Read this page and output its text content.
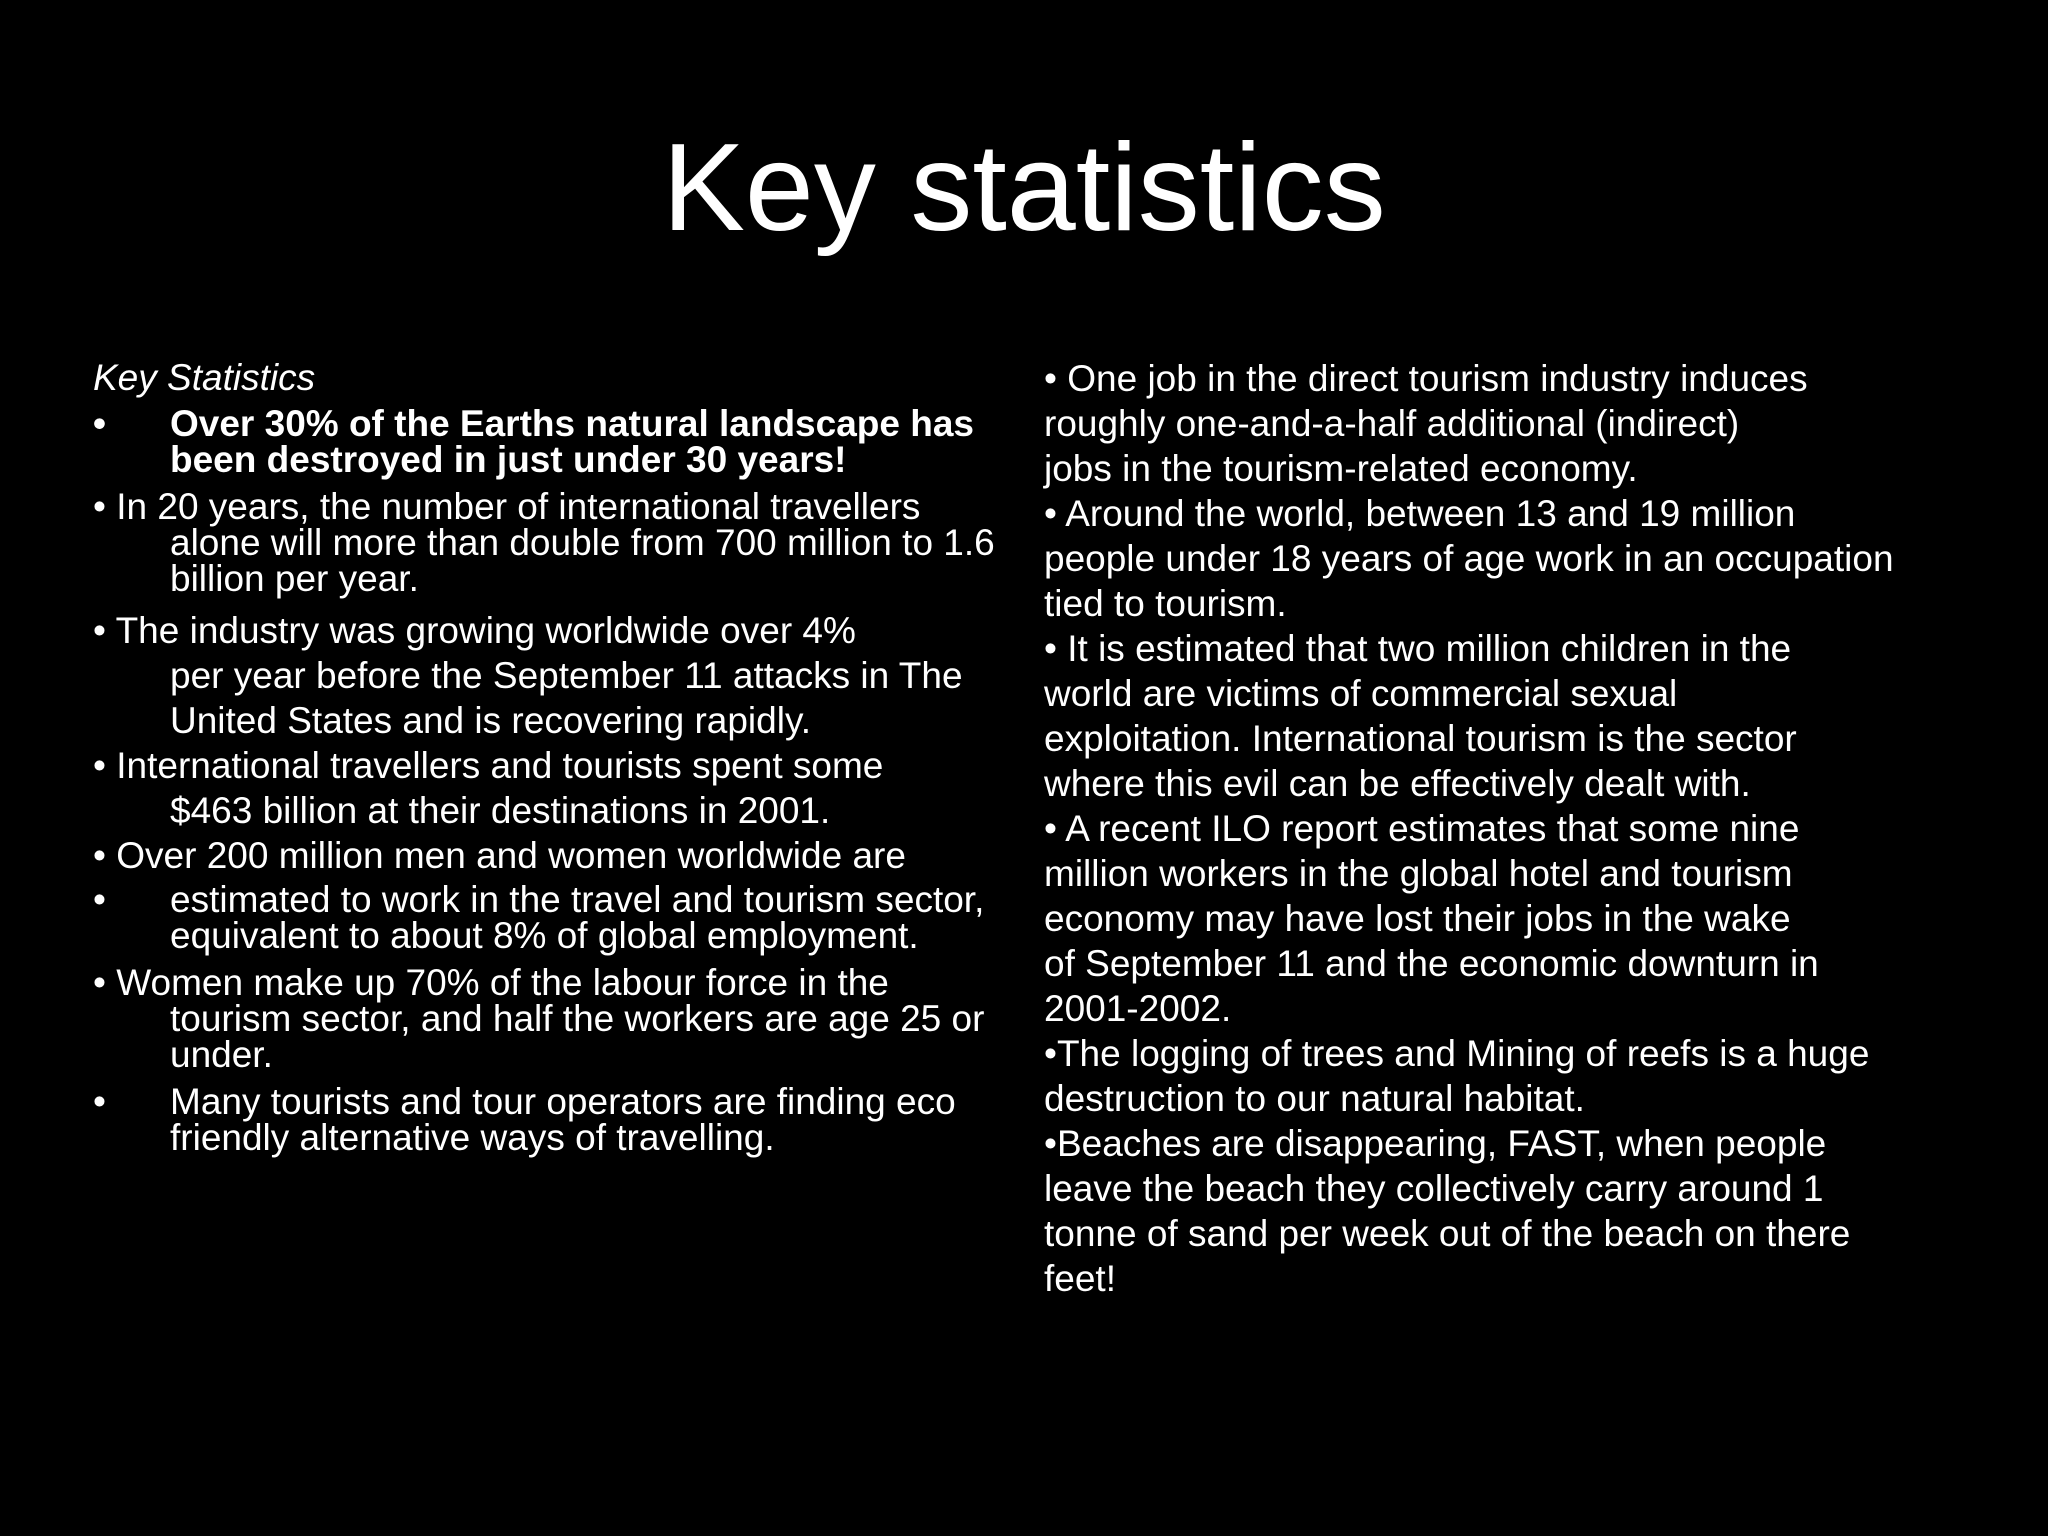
Key statistics
Key Statistics
• Over 30% of the Earths natural landscape has been destroyed in just under 30 years!
• In 20 years, the number of international travellers
alone will more than double from 700 million to 1.6 billion per year.
• The industry was growing worldwide over 4%
per year before the September 11 attacks in The United States and is recovering rapidly.
• International travellers and tourists spent some
$463 billion at their destinations in 2001.
• Over 200 million men and women worldwide are
• estimated to work in the travel and tourism sector, equivalent to about 8% of global employment.
• Women make up 70% of the labour force in the
tourism sector, and half the workers are age 25 or under.
• Many tourists and tour operators are finding eco friendly alternative ways of travelling.
• One job in the direct tourism industry induces
roughly one-and-a-half additional (indirect)
jobs in the tourism-related economy.
• Around the world, between 13 and 19 million
people under 18 years of age work in an occupation
tied to tourism.
• It is estimated that two million children in the
world are victims of commercial sexual
exploitation. International tourism is the sector
where this evil can be effectively dealt with.
• A recent ILO report estimates that some nine
million workers in the global hotel and tourism
economy may have lost their jobs in the wake
of September 11 and the economic downturn in
2001-2002.
•The logging of trees and Mining of reefs is a huge
destruction to our natural habitat.
•Beaches are disappearing, FAST, when people
leave the beach they collectively carry around 1
tonne of sand per week out of the beach on there
feet!
